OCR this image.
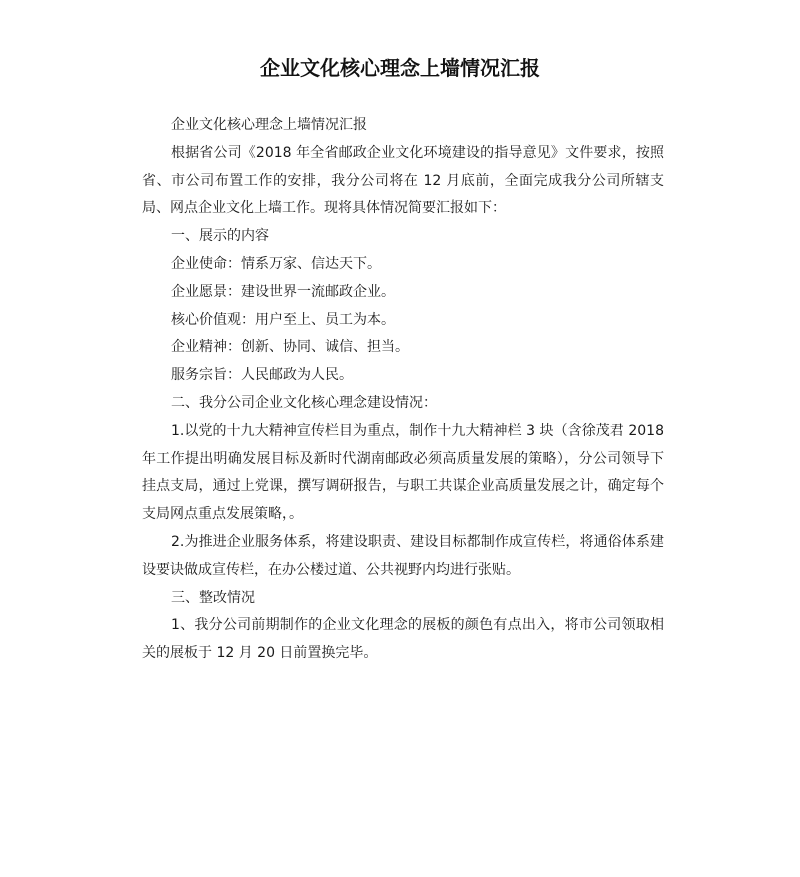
企业文化核心理念上墙情况汇报

企业文化核心理念上墙情况汇报

根据省公司《2018 年全省邮政企业文化环境建设的指导意见》文件要求，按照省、市公司布置工作的安排，我分公司将在 12 月底前，全面完成我分公司所辖支局、网点企业文化上墙工作。现将具体情况简要汇报如下：

一、展示的内容

企业使命：情系万家、信达天下。

企业愿景：建设世界一流邮政企业。

核心价值观：用户至上、员工为本。

企业精神：创新、协同、诚信、担当。

服务宗旨：人民邮政为人民。

二、我分公司企业文化核心理念建设情况：

1.以党的十九大精神宣传栏目为重点，制作十九大精神栏 3 块（含徐茂君 2018 年工作提出明确发展目标及新时代湖南邮政必须高质量发展的策略），分公司领导下挂点支局，通过上党课，撰写调研报告，与职工共谋企业高质量发展之计，确定每个支局网点重点发展策略，。

2.为推进企业服务体系，将建设职责、建设目标都制作成宣传栏，将通俗体系建设要诀做成宣传栏，在办公楼过道、公共视野内均进行张贴。

三、整改情况

1、我分公司前期制作的企业文化理念的展板的颜色有点出入，将市公司领取相关的展板于 12 月 20 日前置换完毕。
